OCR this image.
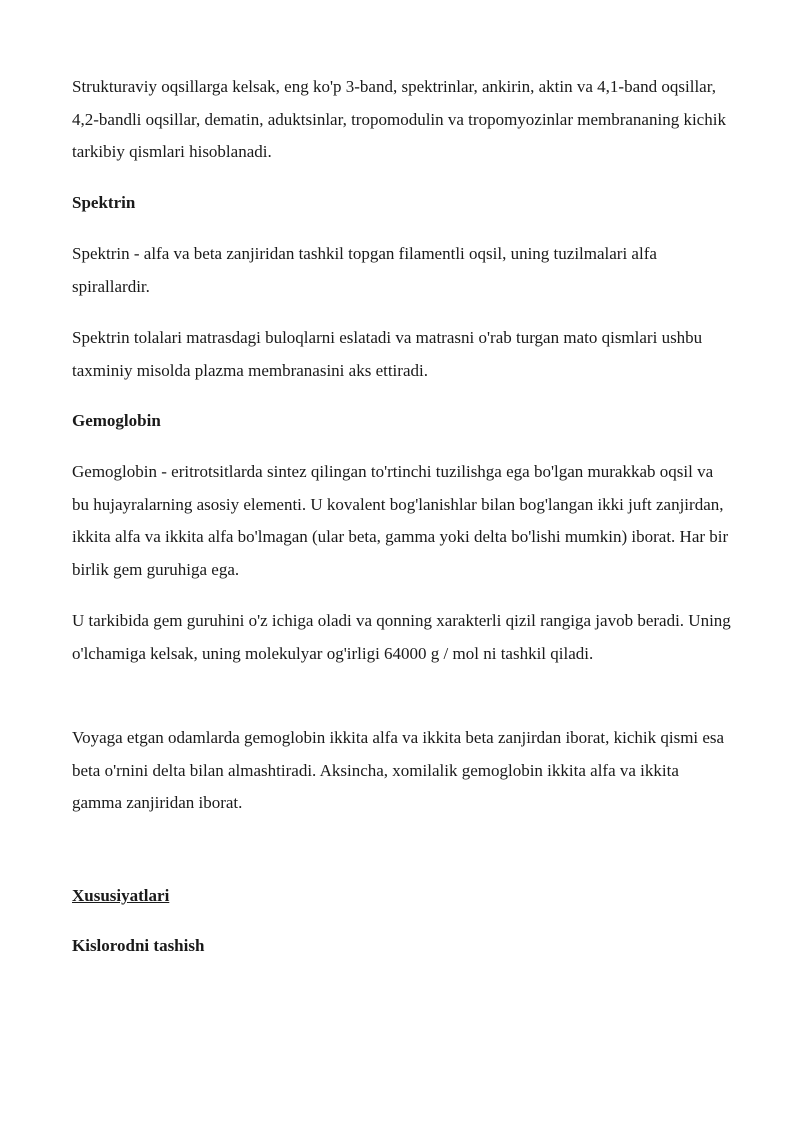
Strukturaviy oqsillarga kelsak, eng ko'p 3-band, spektrinlar, ankirin, aktin va 4,1-band oqsillar, 4,2-bandli oqsillar, dematin, aduktsinlar, tropomodulin va tropomyozinlar membrananing kichik tarkibiy qismlari hisoblanadi.

Spektrin

Spektrin - alfa va beta zanjiridan tashkil topgan filamentli oqsil, uning tuzilmalari alfa spirallardir.

Spektrin tolalari matrasdagi buloqlarni eslatadi va matrasni o'rab turgan mato qismlari ushbu taxminiy misolda plazma membranasini aks ettiradi.

Gemoglobin

Gemoglobin - eritrotsitlarda sintez qilingan to'rtinchi tuzilishga ega bo'lgan murakkab oqsil va bu hujayralarning asosiy elementi. U kovalent bog'lanishlar bilan bog'langan ikki juft zanjirdan, ikkita alfa va ikkita alfa bo'lmagan (ular beta, gamma yoki delta bo'lishi mumkin) iborat. Har bir birlik gem guruhiga ega.

U tarkibida gem guruhini o'z ichiga oladi va qonning xarakterli qizil rangiga javob beradi. Uning o'lchamiga kelsak, uning molekulyar og'irligi 64000 g / mol ni tashkil qiladi.

Voyaga etgan odamlarda gemoglobin ikkita alfa va ikkita beta zanjirdan iborat, kichik qismi esa beta o'rnini delta bilan almashtiradi. Aksincha, xomilalik gemoglobin ikkita alfa va ikkita gamma zanjiridan iborat.

Xususiyatlari
Kislorodni tashish
